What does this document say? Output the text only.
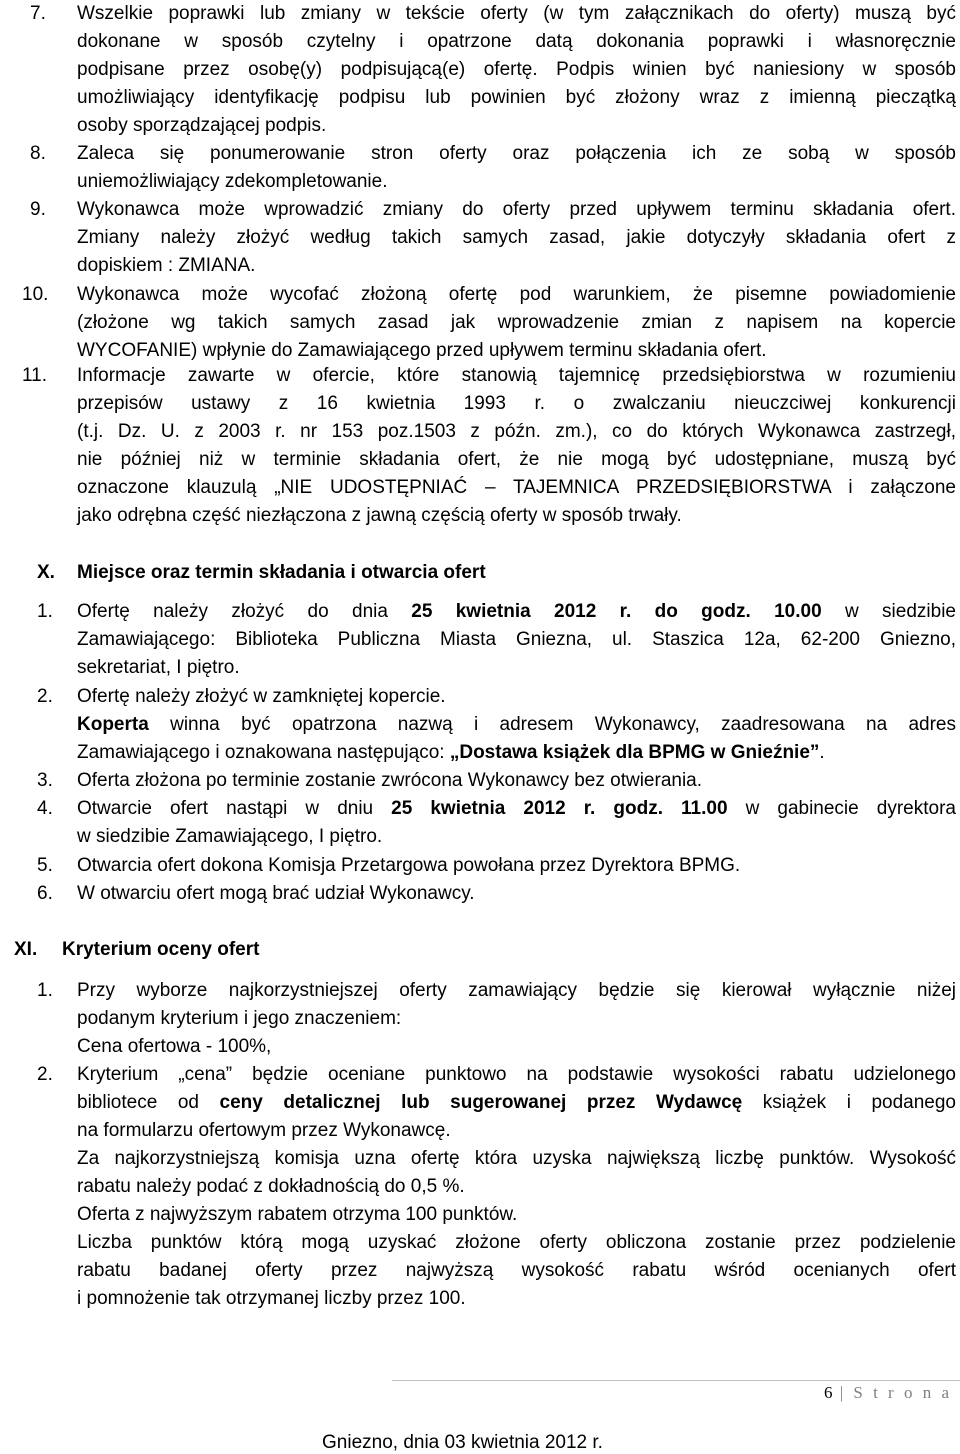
7.	Wszelkie poprawki lub zmiany w tekście oferty (w tym załącznikach do oferty) muszą być
dokonane w sposób czytelny i opatrzone datą dokonania poprawki i własnoręcznie
podpisane przez osobę(y) podpisującą(e) ofertę. Podpis winien być naniesiony w sposób
umożliwiający identyfikację podpisu lub powinien być złożony wraz z imienną pieczątką
osoby sporządzającej podpis.
8.	Zaleca się ponumerowanie stron oferty oraz połączenia ich ze sobą w sposób
uniemożliwiający zdekompletowanie.
9.	Wykonawca może wprowadzić zmiany do oferty przed upływem terminu składania ofert.
Zmiany należy złożyć według takich samych zasad, jakie dotyczyły składania ofert z
dopiskiem : ZMIANA.
10.	Wykonawca może wycofać złożoną ofertę pod warunkiem, że pisemne powiadomienie
(złożone wg takich samych zasad jak wprowadzenie zmian z napisem na kopercie
WYCOFANIE) wpłynie do Zamawiającego przed upływem terminu składania ofert.
11.	Informacje zawarte w ofercie, które stanowią tajemnicę przedsiębiorstwa w rozumieniu
przepisów ustawy z 16 kwietnia 1993 r. o zwalczaniu nieuczciwej konkurencji
(t.j. Dz. U. z 2003 r. nr 153 poz.1503 z późn. zm.), co do których Wykonawca zastrzegł,
nie później niż w terminie składania ofert, że nie mogą być udostępniane, muszą być
oznaczone klauzulą „NIE UDOSTĘPNIAĆ – TAJEMNICA PRZEDSIĘBIORSTWA i załączone
jako odrębna część niezłączona z jawną częścią oferty w sposób trwały.
X. Miejsce oraz termin składania i otwarcia ofert
1.	Ofertę należy złożyć do dnia 25 kwietnia 2012 r. do godz. 10.00 w siedzibie
Zamawiającego: Biblioteka Publiczna Miasta Gniezna, ul. Staszica 12a, 62-200 Gniezno,
sekretariat, I piętro.
2.	Ofertę należy złożyć w zamkniętej kopercie.
Koperta winna być opatrzona nazwą i adresem Wykonawcy, zaadresowana na adres
Zamawiającego i oznakowana następująco: „Dostawa książek dla BPMG w Gnieźnie”.
3.	Oferta złożona po terminie zostanie zwrócona Wykonawcy bez otwierania.
4.	Otwarcie ofert nastąpi w dniu 25 kwietnia 2012 r. godz. 11.00 w gabinecie dyrektora
w siedzibie Zamawiającego, I piętro.
5.	Otwarcia ofert dokona Komisja Przetargowa powołana przez Dyrektora BPMG.
6.	W otwarciu ofert mogą brać udział Wykonawcy.
XI. Kryterium oceny ofert
1.	Przy wyborze najkorzystniejszej oferty zamawiający będzie się kierował wyłącznie niżej
podanym kryterium i jego znaczeniem:
Cena ofertowa - 100%,
2.	Kryterium „cena” będzie oceniane punktowo na podstawie wysokości rabatu udzielonego
bibliotece od ceny detalicznej lub sugerowanej przez Wydawcę książek i podanego
na formularzu ofertowym przez Wykonawcę.
Za najkorzystniejszą komisja uzna ofertę która uzyska największą liczbę punktów. Wysokość
rabatu należy podać z dokładnością do 0,5 %.
Oferta z najwyższym rabatem otrzyma 100 punktów.
Liczba punktów którą mogą uzyskać złożone oferty obliczona zostanie przez podzielenie
rabatu badanej oferty przez najwyższą wysokość rabatu wśród ocenianych ofert
i pomnożenie tak otrzymanej liczby przez 100.
6 | S t r o n a
Gniezno, dnia 03 kwietnia 2012 r.
